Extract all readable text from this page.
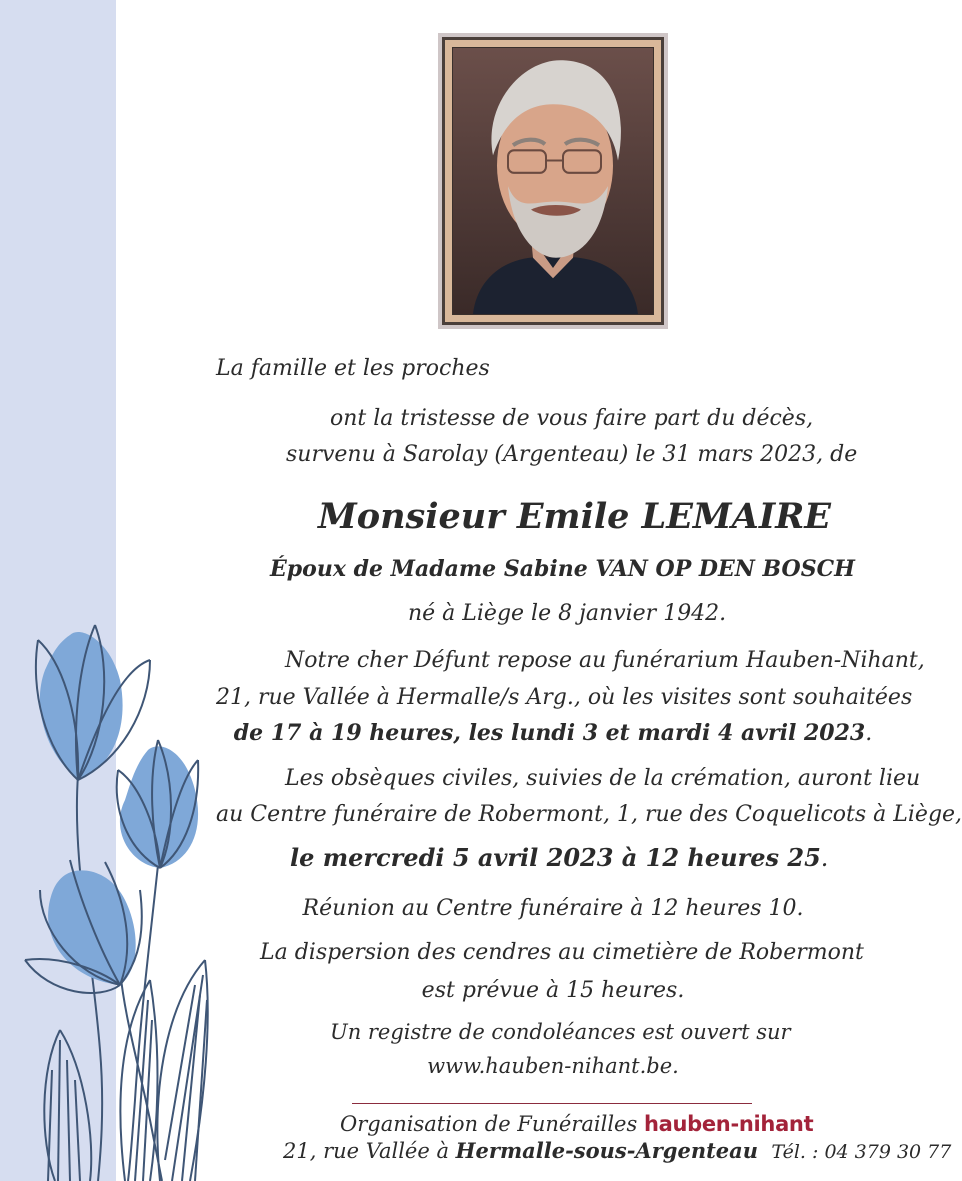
La famille et les proches
ont la tristesse de vous faire part du décès,
survenu à Sarolay (Argenteau) le 31 mars 2023, de
Monsieur Emile LEMAIRE
Époux de Madame Sabine VAN OP DEN BOSCH
né à Liège le 8 janvier 1942.
Notre cher Défunt repose au funérarium Hauben-Nihant,
21, rue Vallée à Hermalle/s Arg., où les visites sont souhaitées
de 17 à 19 heures, les lundi 3 et mardi 4 avril 2023.
Les obsèques civiles, suivies de la crémation, auront lieu
au Centre funéraire de Robermont, 1, rue des Coquelicots à Liège,
le mercredi 5 avril 2023 à 12 heures 25.
Réunion au Centre funéraire à 12 heures 10.
La dispersion des cendres au cimetière de Robermont
est prévue à 15 heures.
Un registre de condoléances est ouvert sur
www.hauben-nihant.be.
Organisation de Funérailles hauben-nihant
21, rue Vallée à Hermalle-sous-Argenteau Tél. : 04 379 30 77
